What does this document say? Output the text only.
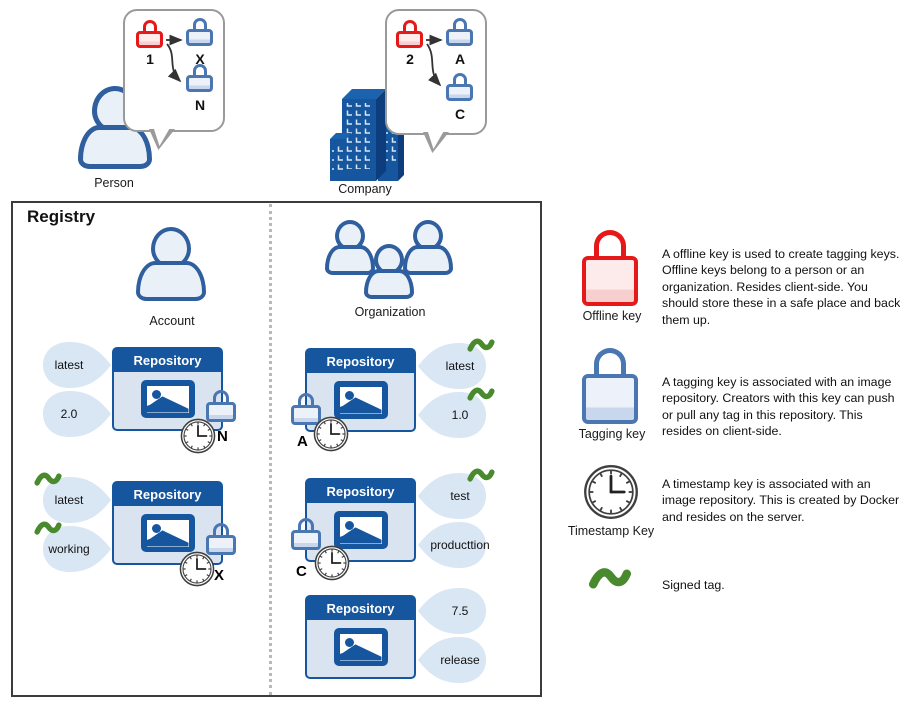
Person
1	X
N
Company
2	A
C
Registry
Account
Organization
Repository
latest
2.0
N
Repository
latest
working
X
Repository	latest
1.0
A
Repository	test
producttion
C
Repository	7.5
release
Offline key
A offline key is used to create tagging keys. Offline keys belong to a person or an organization. Resides client-side. You should store these in a safe place and back them up.
Tagging key
A tagging key is associated with an image repository. Creators with this key can push or pull any tag in this repository. This resides on client-side.
Timestamp Key
A timestamp key is associated with an image repository. This is created by Docker and resides on the server.
Signed tag.
